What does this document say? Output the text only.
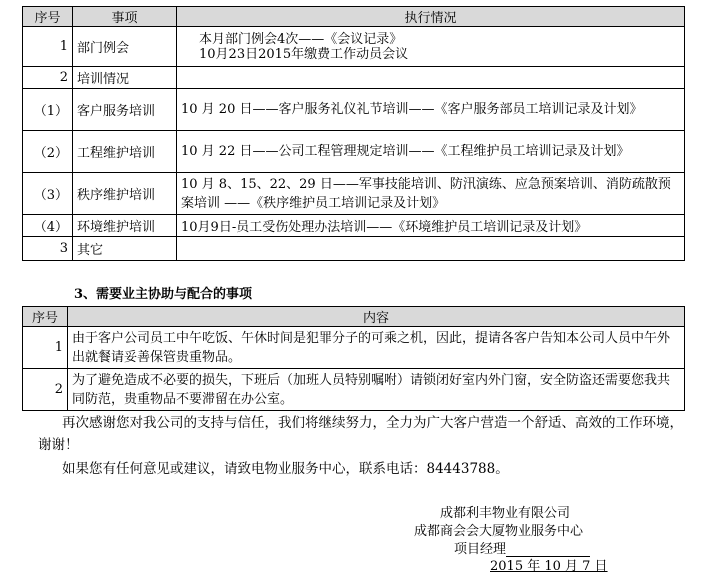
序号	事项	执行情况
1	部门例会	本月部门例会4次——《会议记录》
10月23日2015年缴费工作动员会议
2	培训情况	
（1）	客户服务培训	10 月 20 日——客户服务礼仪礼节培训——《客户服务部员工培训记录及计划》
（2）	工程维护培训	10 月 22 日——公司工程管理规定培训——《工程维护员工培训记录及计划》
（3）	秩序维护培训	10 月 8、15、22、29 日——军事技能培训、防汛演练、应急预案培训、消防疏散预案培训 ——《秩序维护员工培训记录及计划》
（4）	环境维护培训	10月9日-员工受伤处理办法培训——《环境维护员工培训记录及计划》
3	其它	
3、需要业主协助与配合的事项
序号	内容
1	由于客户公司员工中午吃饭、午休时间是犯罪分子的可乘之机，因此，提请各客户告知本公司人员中午外出就餐请妥善保管贵重物品。
2	为了避免造成不必要的损失，下班后（加班人员特别嘱咐）请锁闭好室内外门窗，安全防盗还需要您我共同防范，贵重物品不要滞留在办公室。
再次感谢您对我公司的支持与信任，我们将继续努力，全力为广大客户营造一个舒适、高效的工作环境，谢谢！
如果您有任何意见或建议，请致电物业服务中心，联系电话：84443788。
成都利丰物业有限公司
成都商会会大厦物业服务中心
项目经理
2015 年 10 月 7 日
